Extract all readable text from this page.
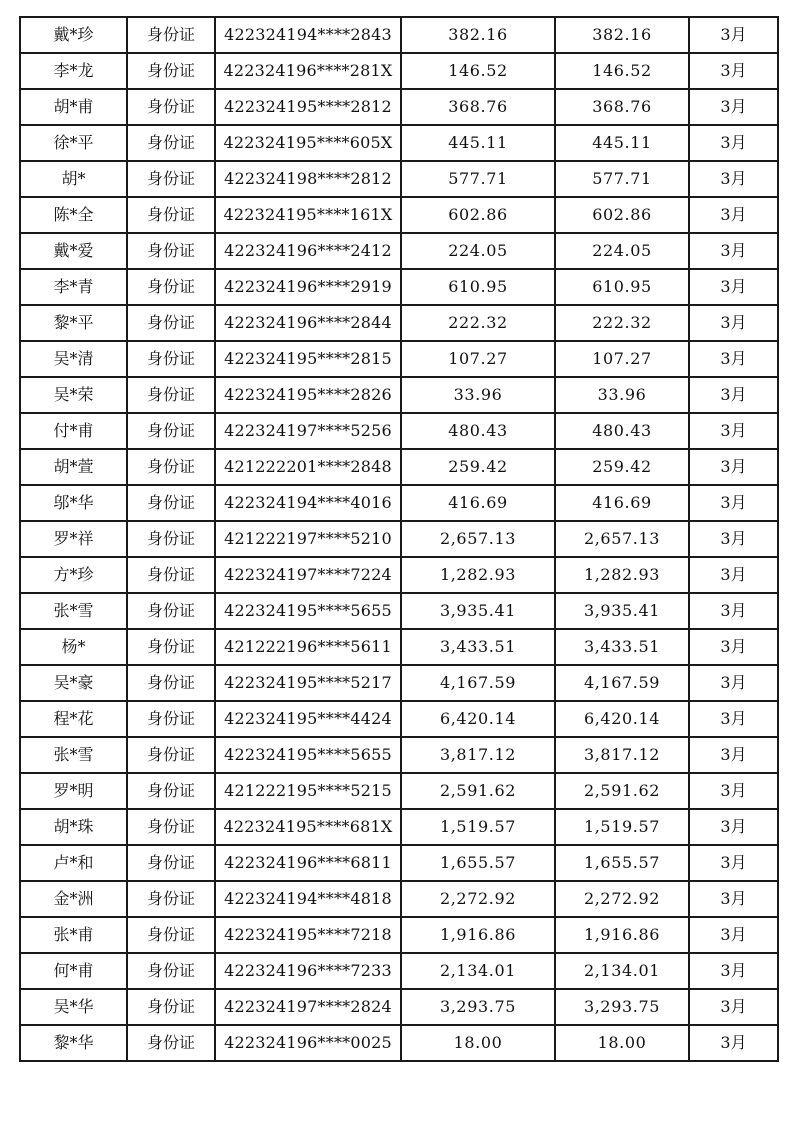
戴*珍	身份证	422324194****2843	382.16	382.16	3月
李*龙	身份证	422324196****281X	146.52	146.52	3月
胡*甫	身份证	422324195****2812	368.76	368.76	3月
徐*平	身份证	422324195****605X	445.11	445.11	3月
胡*	身份证	422324198****2812	577.71	577.71	3月
陈*全	身份证	422324195****161X	602.86	602.86	3月
戴*爱	身份证	422324196****2412	224.05	224.05	3月
李*青	身份证	422324196****2919	610.95	610.95	3月
黎*平	身份证	422324196****2844	222.32	222.32	3月
吴*清	身份证	422324195****2815	107.27	107.27	3月
吴*荣	身份证	422324195****2826	33.96	33.96	3月
付*甫	身份证	422324197****5256	480.43	480.43	3月
胡*萱	身份证	421222201****2848	259.42	259.42	3月
邬*华	身份证	422324194****4016	416.69	416.69	3月
罗*祥	身份证	421222197****5210	2,657.13	2,657.13	3月
方*珍	身份证	422324197****7224	1,282.93	1,282.93	3月
张*雪	身份证	422324195****5655	3,935.41	3,935.41	3月
杨*	身份证	421222196****5611	3,433.51	3,433.51	3月
吴*豪	身份证	422324195****5217	4,167.59	4,167.59	3月
程*花	身份证	422324195****4424	6,420.14	6,420.14	3月
张*雪	身份证	422324195****5655	3,817.12	3,817.12	3月
罗*明	身份证	421222195****5215	2,591.62	2,591.62	3月
胡*珠	身份证	422324195****681X	1,519.57	1,519.57	3月
卢*和	身份证	422324196****6811	1,655.57	1,655.57	3月
金*洲	身份证	422324194****4818	2,272.92	2,272.92	3月
张*甫	身份证	422324195****7218	1,916.86	1,916.86	3月
何*甫	身份证	422324196****7233	2,134.01	2,134.01	3月
吴*华	身份证	422324197****2824	3,293.75	3,293.75	3月
黎*华	身份证	422324196****0025	18.00	18.00	3月
